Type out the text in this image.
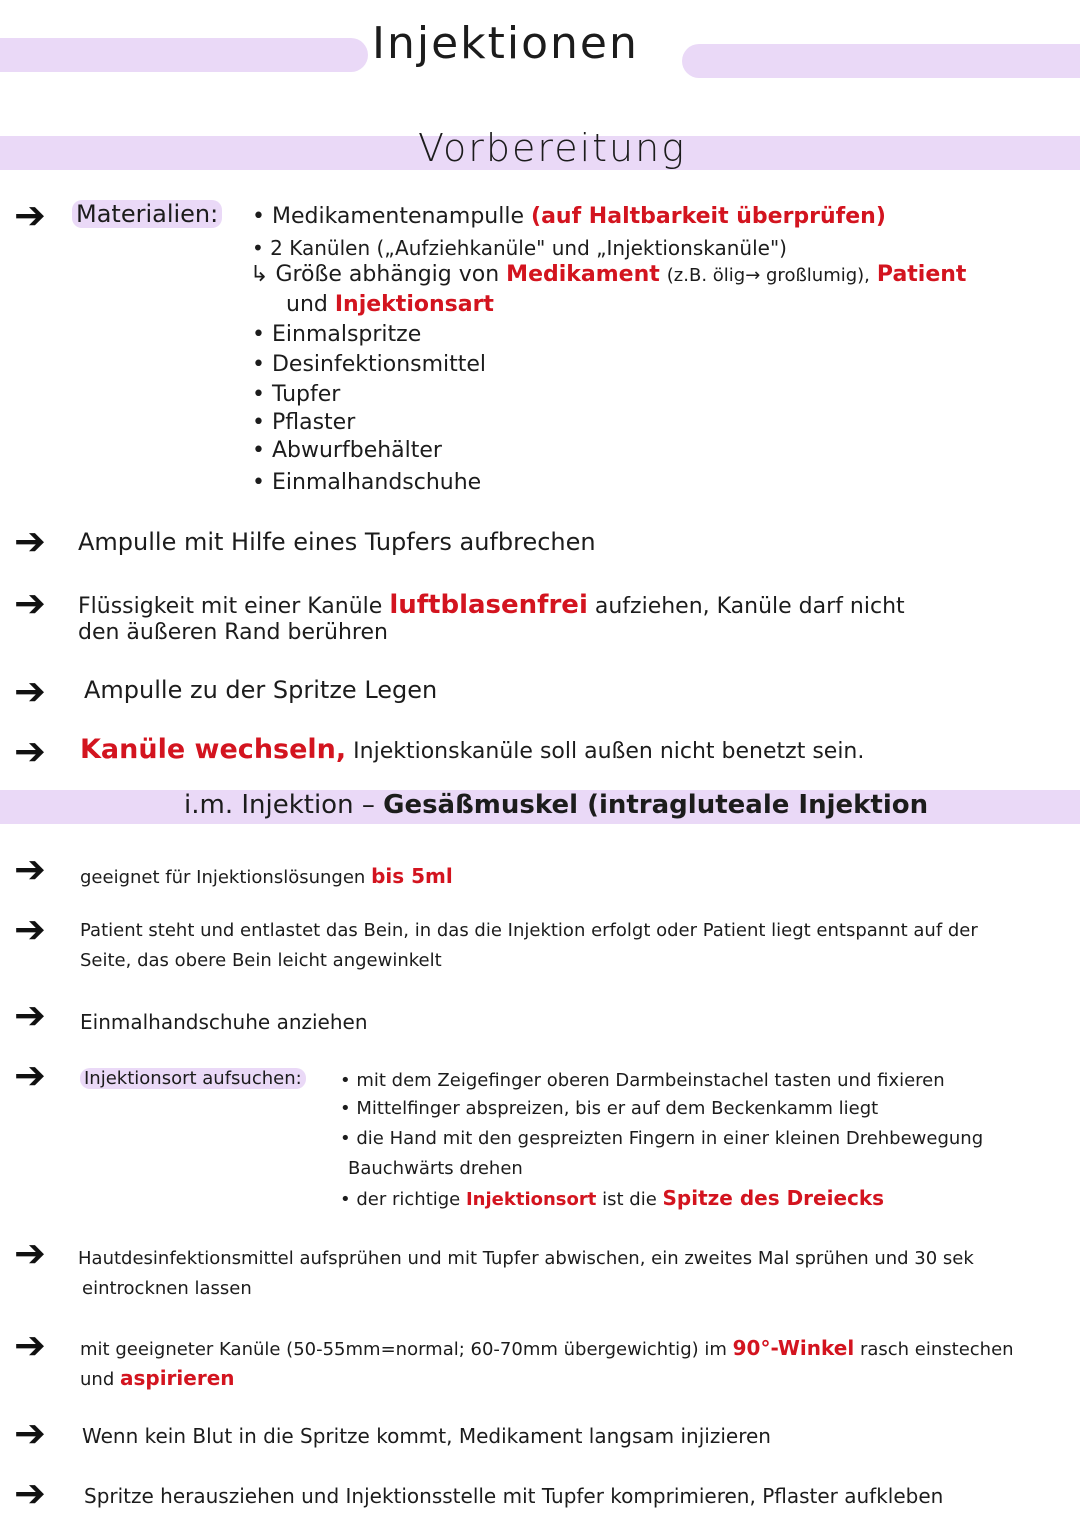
Injektionen
Vorbereitung
➔ Materialien: • Medikamentenampulle (auf Haltbarkeit überprüfen)
• 2 Kanülen („Aufziehkanüle" und „Injektionskanüle")
↳ Größe abhängig von Medikament (z.B. ölig→ großlumig), Patient
und Injektionsart
• Einmalspritze
• Desinfektionsmittel
• Tupfer
• Pflaster
• Abwurfbehälter
• Einmalhandschuhe
➔ Ampulle mit Hilfe eines Tupfers aufbrechen
➔ Flüssigkeit mit einer Kanüle luftblasenfrei aufziehen, Kanüle darf nicht
den äußeren Rand berühren
➔ Ampulle zu der Spritze Legen
➔ Kanüle wechseln, Injektionskanüle soll außen nicht benetzt sein.
i.m. Injektion – Gesäßmuskel (intragluteale Injektion
➔ geeignet für Injektionslösungen bis 5ml
➔ Patient steht und entlastet das Bein, in das die Injektion erfolgt oder Patient liegt entspannt auf der
Seite, das obere Bein leicht angewinkelt
➔ Einmalhandschuhe anziehen
➔ Injektionsort aufsuchen: • mit dem Zeigefinger oberen Darmbeinstachel tasten und fixieren
• Mittelfinger abspreizen, bis er auf dem Beckenkamm liegt
• die Hand mit den gespreizten Fingern in einer kleinen Drehbewegung
Bauchwärts drehen
• der richtige Injektionsort ist die Spitze des Dreiecks
➔ Hautdesinfektionsmittel aufsprühen und mit Tupfer abwischen, ein zweites Mal sprühen und 30 sek
eintrocknen lassen
➔ mit geeigneter Kanüle (50-55mm=normal; 60-70mm übergewichtig) im 90°-Winkel rasch einstechen
und aspirieren
➔ Wenn kein Blut in die Spritze kommt, Medikament langsam injizieren
➔ Spritze herausziehen und Injektionsstelle mit Tupfer komprimieren, Pflaster aufkleben
